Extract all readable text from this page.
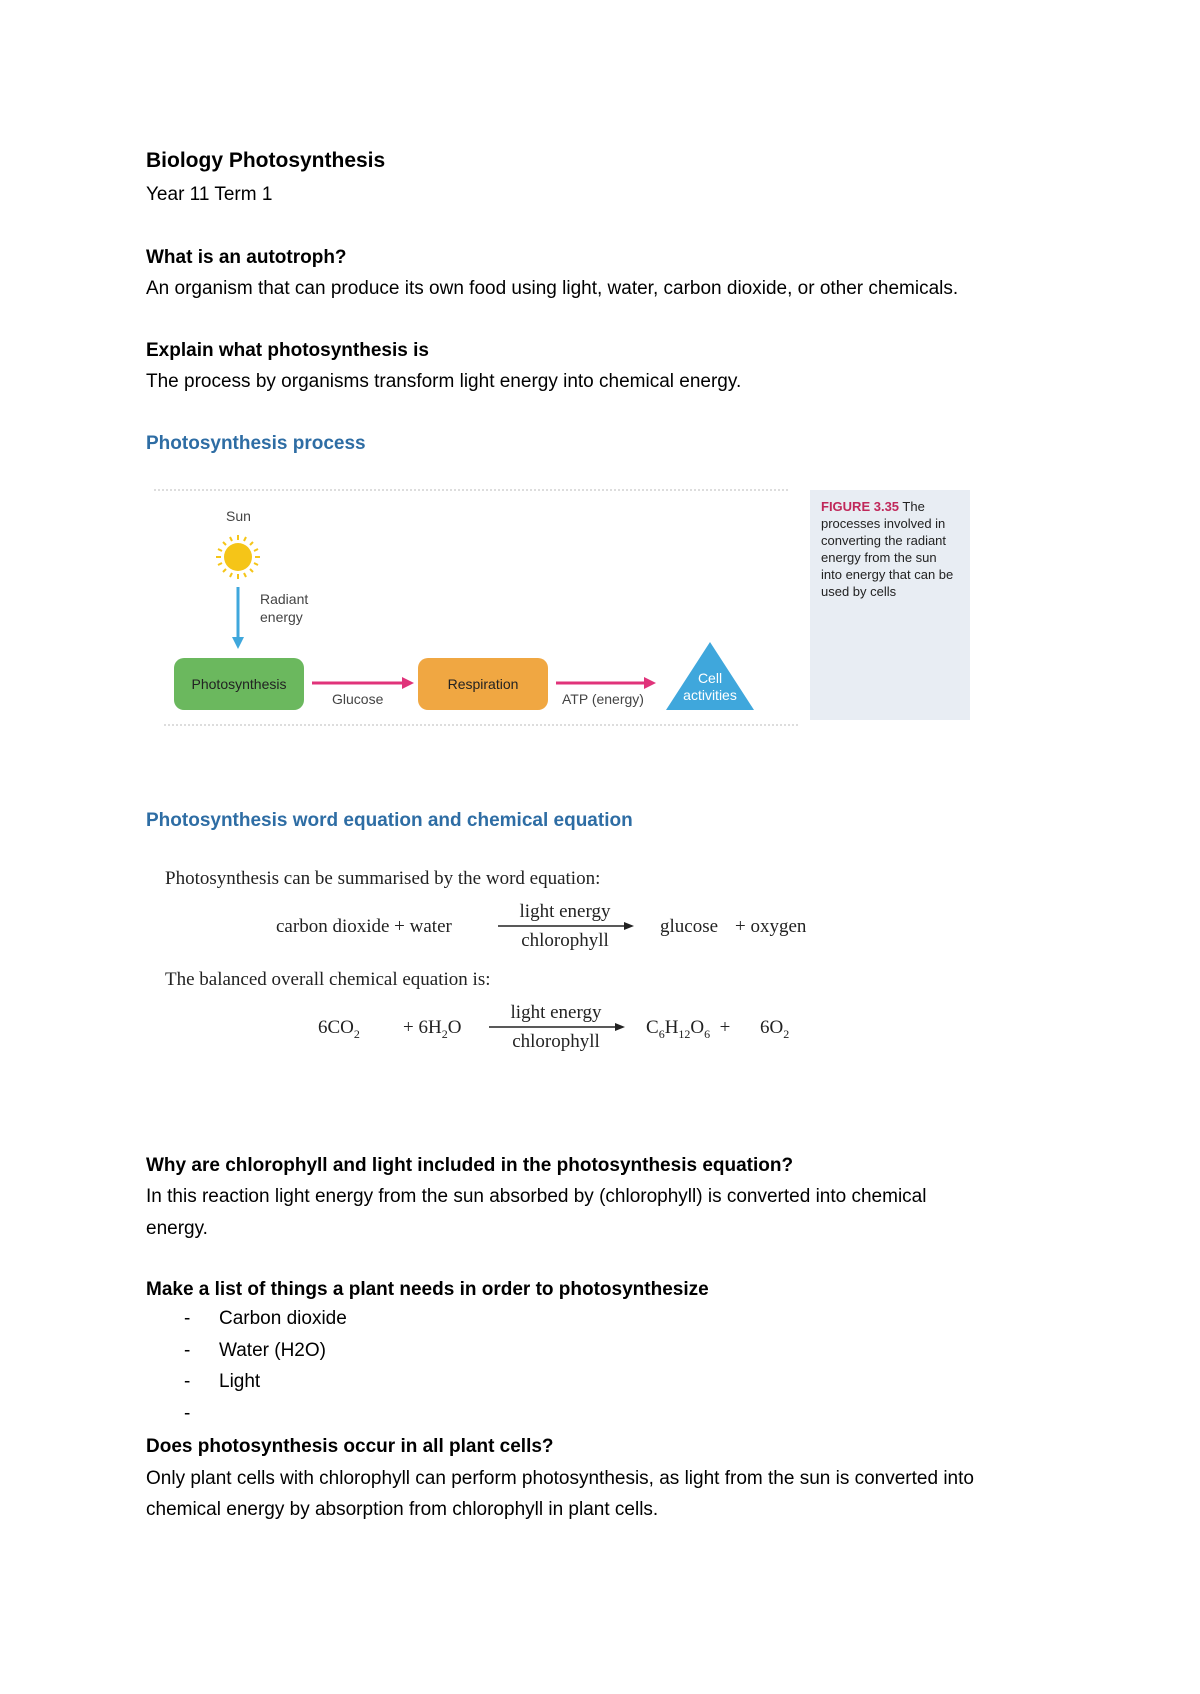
Biology Photosynthesis
Year 11 Term 1
What is an autotroph?
An organism that can produce its own food using light, water, carbon dioxide, or other chemicals.
Explain what photosynthesis is
The process by organisms transform light energy into chemical energy.
Photosynthesis process
Sun
Radiant
energy
Photosynthesis
Glucose
Respiration
ATP (energy)
Cell
activities
FIGURE 3.35 The processes involved in converting the radiant energy from the sun into energy that can be used by cells
Photosynthesis word equation and chemical equation
Photosynthesis can be summarised by the word equation:
carbon dioxide + water
light energy
chlorophyll
glucose + oxygen
The balanced overall chemical equation is:
$6CO_2 + 6H_2O$
light energy
chlorophyll
$C_6H_{12}O_6 + 6O_2$
Why are chlorophyll and light included in the photosynthesis equation?
In this reaction light energy from the sun absorbed by (chlorophyll) is converted into chemical
energy.
Make a list of things a plant needs in order to photosynthesize
- Carbon dioxide
- Water (H2O)
- Light
-
Does photosynthesis occur in all plant cells?
Only plant cells with chlorophyll can perform photosynthesis, as light from the sun is converted into
chemical energy by absorption from chlorophyll in plant cells.
